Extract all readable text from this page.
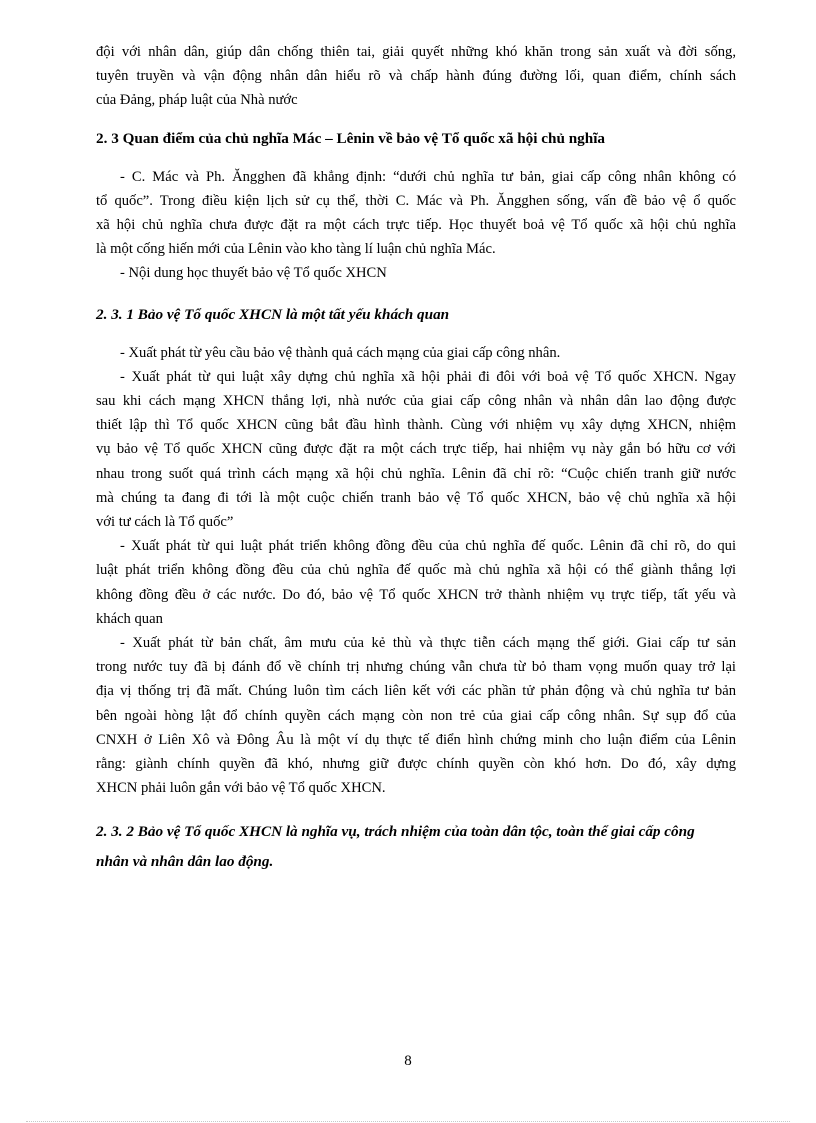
đội với nhân dân, giúp dân chống thiên tai, giải quyết những khó khăn trong sản xuất và đời sống,
tuyên truyền và vận động nhân dân hiểu rõ và chấp hành đúng đường lối, quan điểm, chính sách
của Đảng, pháp luật của Nhà nước
2. 3 Quan điểm của chủ nghĩa Mác – Lênin về bảo vệ Tổ quốc xã hội chủ nghĩa
- C. Mác và Ph. Ăngghen đã khẳng định: “dưới chủ nghĩa tư bản, giai cấp công nhân không có
tổ quốc”. Trong điều kiện lịch sử cụ thể, thời C. Mác và Ph. Ăngghen sống, vấn đề bảo vệ ổ quốc
xã hội chủ nghĩa chưa được đặt ra một cách trực tiếp. Học thuyết boả vệ Tổ quốc xã hội chủ nghĩa
là một cống hiến mới của Lênin vào kho tàng lí luận chủ nghĩa Mác.
- Nội dung học thuyết bảo vệ Tổ quốc XHCN
2. 3. 1 Bảo vệ Tổ quốc XHCN là một tất yếu khách quan
- Xuất phát từ yêu cầu bảo vệ thành quả cách mạng của giai cấp công nhân.
- Xuất phát từ qui luật xây dựng chủ nghĩa xã hội phải đi đôi với boả vệ Tổ quốc XHCN. Ngay
sau khi cách mạng XHCN thắng lợi, nhà nước của giai cấp công nhân và nhân dân lao động được
thiết lập thì Tổ quốc XHCN cũng bắt đầu hình thành. Cùng với nhiệm vụ xây dựng XHCN, nhiệm
vụ bảo vệ Tổ quốc XHCN cũng được đặt ra một cách trực tiếp, hai nhiệm vụ này gắn bó hữu cơ với
nhau trong suốt quá trình cách mạng xã hội chủ nghĩa. Lênin đã chỉ rõ: “Cuộc chiến tranh giữ nước
mà chúng ta đang đi tới là một cuộc chiến tranh bảo vệ Tổ quốc XHCN, bảo vệ chủ nghĩa xã hội
với tư cách là Tổ quốc”
- Xuất phát từ qui luật phát triển không đồng đều của chủ nghĩa đế quốc. Lênin đã chỉ rõ, do qui
luật phát triển không đồng đều của chủ nghĩa đế quốc mà chủ nghĩa xã hội có thể giành thắng lợi
không đồng đều ở các nước. Do đó, bảo vệ Tổ quốc XHCN trở thành nhiệm vụ trực tiếp, tất yếu và
khách quan
- Xuất phát từ bản chất, âm mưu của kẻ thù và thực tiễn cách mạng thế giới. Giai cấp tư sản
trong nước tuy đã bị đánh đổ về chính trị nhưng chúng vẫn chưa từ bỏ tham vọng muốn quay trở lại
địa vị thống trị đã mất. Chúng luôn tìm cách liên kết với các phần tử phản động và chủ nghĩa tư bản
bên ngoài hòng lật đổ chính quyền cách mạng còn non trẻ của giai cấp công nhân. Sự sụp đổ của
CNXH ở Liên Xô và Đông Âu là một ví dụ thực tế điển hình chứng minh cho luận điểm của Lênin
rằng: giành chính quyền đã khó, nhưng giữ được chính quyền còn khó hơn. Do đó, xây dựng
XHCN phải luôn gắn với bảo vệ Tổ quốc XHCN.
2. 3. 2 Bảo vệ Tổ quốc XHCN là nghĩa vụ, trách nhiệm của toàn dân tộc, toàn thể giai cấp công
nhân và nhân dân lao động.
8
